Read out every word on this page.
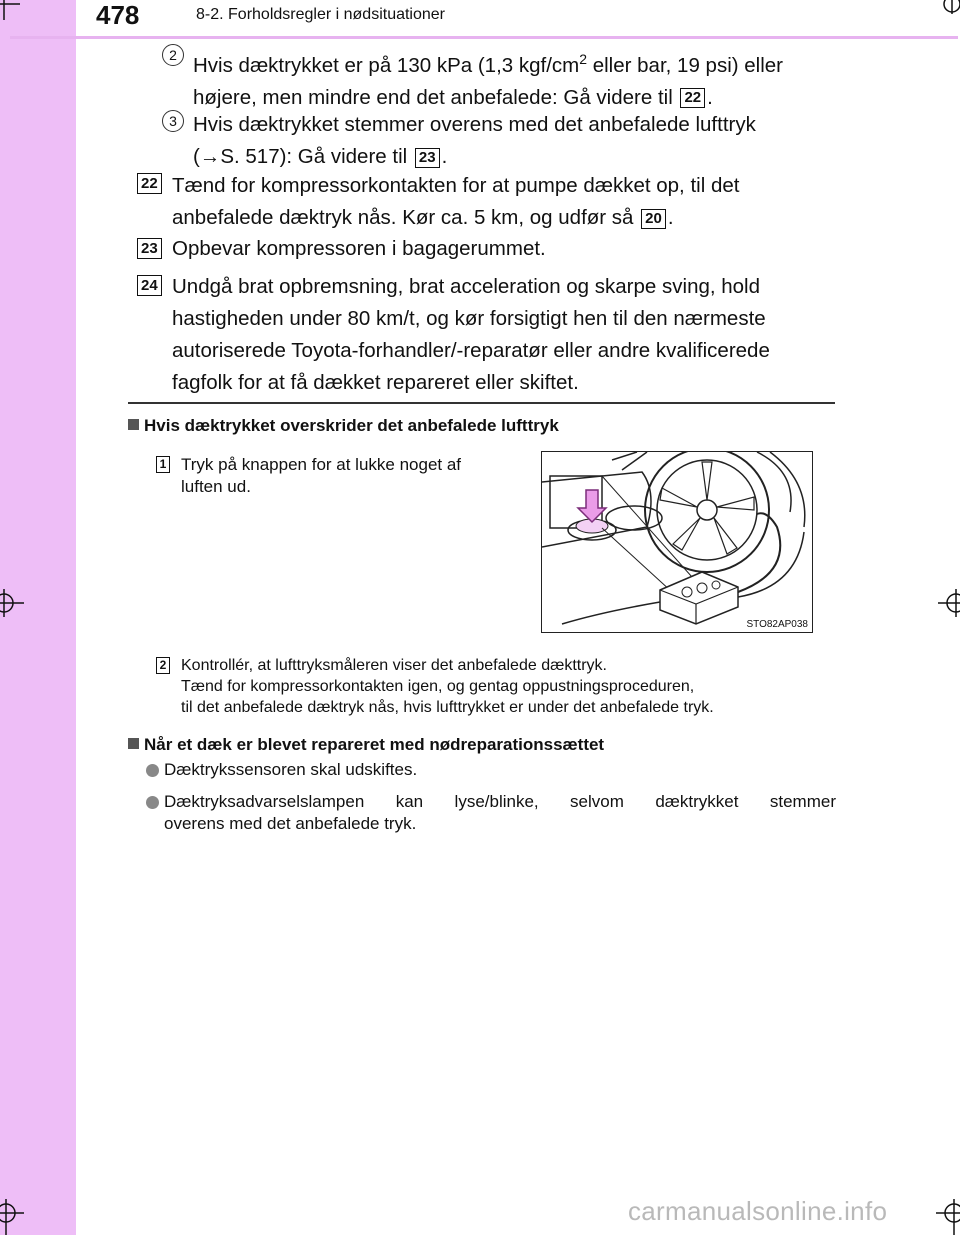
478	8-2. Forholdsregler i nødsituationer
2 Hvis dæktrykket er på 130 kPa (1,3 kgf/$cm^2$ eller bar, 19 psi) eller
højere, men mindre end det anbefalede: Gå videre til 22 .
3 Hvis dæktrykket stemmer overens med det anbefalede lufttryk
(→S. 517): Gå videre til 23 .
22 Tænd for kompressorkontakten for at pumpe dækket op, til det
anbefalede dæktryk nås. Kør ca. 5 km, og udfør så 20 .
23 Opbevar kompressoren i bagagerummet.
24 Undgå brat opbremsning, brat acceleration og skarpe sving, hold
hastigheden under 80 km/t, og kør forsigtigt hen til den nærmeste
autoriserede Toyota-forhandler/-reparatør eller andre kvalificerede
fagfolk for at få dækket repareret eller skiftet.
Hvis dæktrykket overskrider det anbefalede lufttryk
1 Tryk på knappen for at lukke noget af
luften ud.
STO82AP038
2 Kontrollér, at lufttryksmåleren viser det anbefalede dækttryk.
Tænd for kompressorkontakten igen, og gentag oppustningsproceduren,
til det anbefalede dæktryk nås, hvis lufttrykket er under det anbefalede tryk.
Når et dæk er blevet repareret med nødreparationssættet
Dæktrykssensoren skal udskiftes.
Dæktryksadvarselslampen kan lyse/blinke, selvom dæktrykket stemmer
overens med det anbefalede tryk.
carmanualsonline.info
